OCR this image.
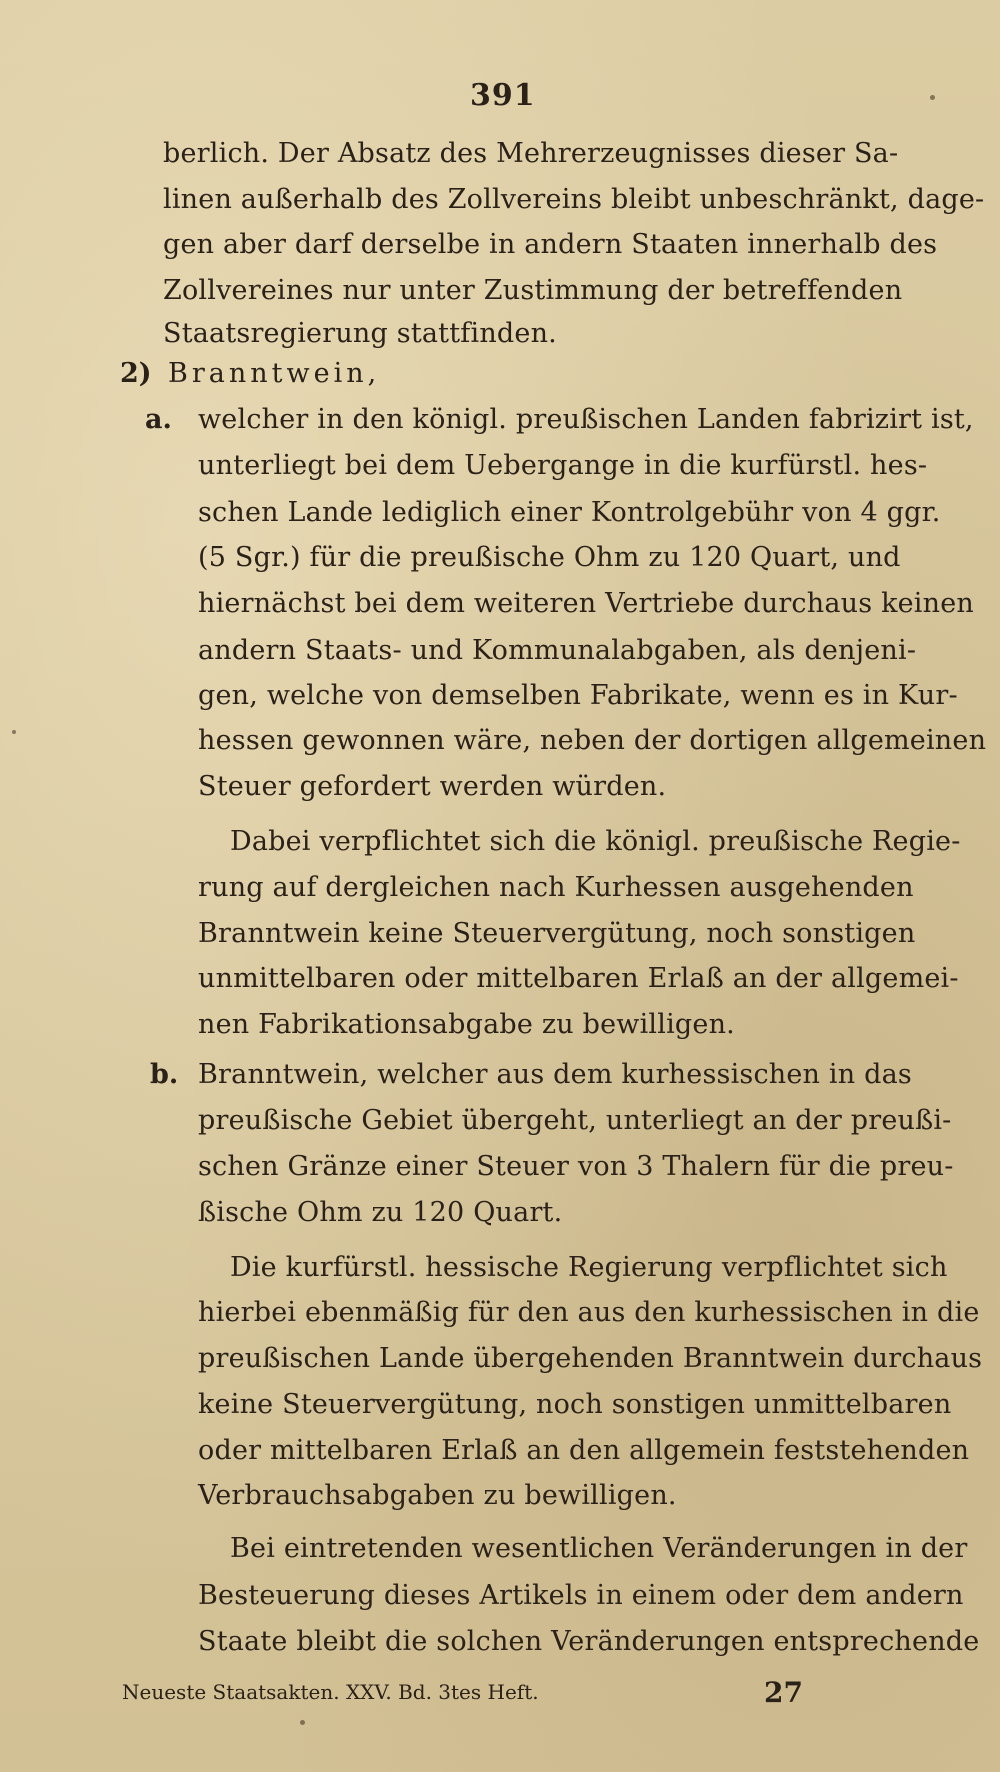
391
berlich. Der Absatz des Mehrerzeugnisses dieser Sa-
linen außerhalb des Zollvereins bleibt unbeschränkt, dage-
gen aber darf derselbe in andern Staaten innerhalb des
Zollvereines nur unter Zustimmung der betreffenden
Staatsregierung stattfinden.
2) Branntwein,
a. welcher in den königl. preußischen Landen fabrizirt ist,
unterliegt bei dem Uebergange in die kurfürstl. hes-
schen Lande lediglich einer Kontrolgebühr von 4 ggr.
(5 Sgr.) für die preußische Ohm zu 120 Quart, und
hiernächst bei dem weiteren Vertriebe durchaus keinen
andern Staats- und Kommunalabgaben, als denjeni-
gen, welche von demselben Fabrikate, wenn es in Kur-
hessen gewonnen wäre, neben der dortigen allgemeinen
Steuer gefordert werden würden.
Dabei verpflichtet sich die königl. preußische Regie-
rung auf dergleichen nach Kurhessen ausgehenden
Branntwein keine Steuervergütung, noch sonstigen
unmittelbaren oder mittelbaren Erlaß an der allgemei-
nen Fabrikationsabgabe zu bewilligen.
b. Branntwein, welcher aus dem kurhessischen in das
preußische Gebiet übergeht, unterliegt an der preußi-
schen Gränze einer Steuer von 3 Thalern für die preu-
ßische Ohm zu 120 Quart.
Die kurfürstl. hessische Regierung verpflichtet sich
hierbei ebenmäßig für den aus den kurhessischen in die
preußischen Lande übergehenden Branntwein durchaus
keine Steuervergütung, noch sonstigen unmittelbaren
oder mittelbaren Erlaß an den allgemein feststehenden
Verbrauchsabgaben zu bewilligen.
Bei eintretenden wesentlichen Veränderungen in der
Besteuerung dieses Artikels in einem oder dem andern
Staate bleibt die solchen Veränderungen entsprechende
Neueste Staatsakten. XXV. Bd. 3tes Heft.	27
